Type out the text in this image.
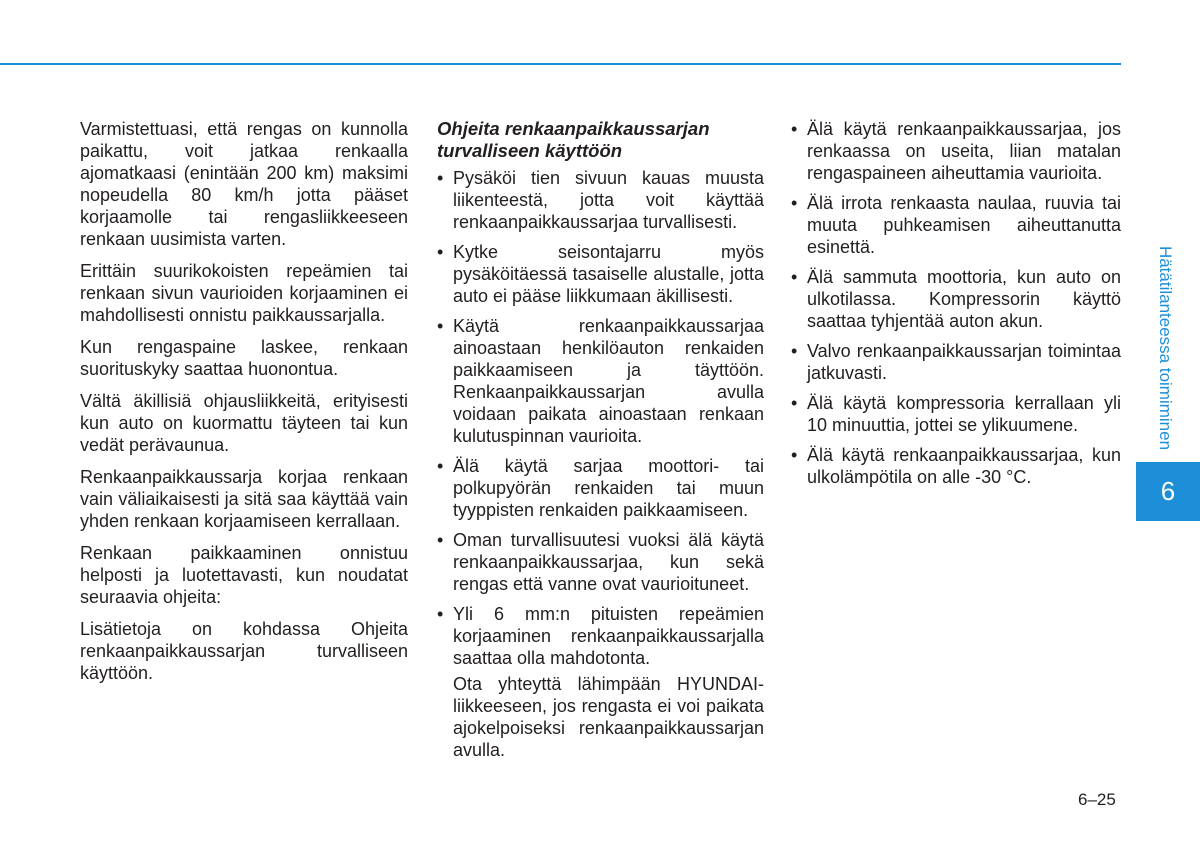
Varmistettuasi, että rengas on kunnolla paikattu, voit jatkaa renkaalla ajomatkaasi (enintään 200 km) maksimi nopeudella 80 km/h jotta pääset korjaamolle tai rengasliikkeeseen renkaan uusimista varten.

Erittäin suurikokoisten repeämien tai renkaan sivun vaurioiden korjaaminen ei mahdollisesti onnistu paikkaussarjalla.

Kun rengaspaine laskee, renkaan suorituskyky saattaa huonontua.

Vältä äkillisiä ohjausliikkeitä, erityisesti kun auto on kuormattu täyteen tai kun vedät perävaunua.

Renkaanpaikkaussarja korjaa renkaan vain väliaikaisesti ja sitä saa käyttää vain yhden renkaan korjaamiseen kerrallaan.

Renkaan paikkaaminen onnistuu helposti ja luotettavasti, kun noudatat seuraavia ohjeita:

Lisätietoja on kohdassa Ohjeita renkaanpaikkaussarjan turvalliseen käyttöön.

Ohjeita renkaanpaikkaussarjan turvalliseen käyttöön

• Pysäköi tien sivuun kauas muusta liikenteestä, jotta voit käyttää renkaanpaikkaussarjaa turvallisesti.
• Kytke seisontajarru myös pysäköitäessä tasaiselle alustalle, jotta auto ei pääse liikkumaan äkillisesti.
• Käytä renkaanpaikkaussarjaa ainoastaan henkilöauton renkaiden paikkaamiseen ja täyttöön. Renkaanpaikkaussarjan avulla voidaan paikata ainoastaan renkaan kulutuspinnan vaurioita.
• Älä käytä sarjaa moottori- tai polkupyörän renkaiden tai muun tyyppisten renkaiden paikkaamiseen.
• Oman turvallisuutesi vuoksi älä käytä renkaanpaikkaussarjaa, kun sekä rengas että vanne ovat vaurioituneet.
• Yli 6 mm:n pituisten repeämien korjaaminen renkaanpaikkaussarjalla saattaa olla mahdotonta.

Ota yhteyttä lähimpään HYUNDAI-liikkeeseen, jos rengasta ei voi paikata ajokelpoiseksi renkaanpaikkaussarjan avulla.

• Älä käytä renkaanpaikkaussarjaa, jos renkaassa on useita, liian matalan rengaspaineen aiheuttamia vaurioita.
• Älä irrota renkaasta naulaa, ruuvia tai muuta puhkeamisen aiheuttanutta esinettä.
• Älä sammuta moottoria, kun auto on ulkotilassa. Kompressorin käyttö saattaa tyhjentää auton akun.
• Valvo renkaanpaikkaussarjan toimintaa jatkuvasti.
• Älä käytä kompressoria kerrallaan yli 10 minuuttia, jottei se ylikuumene.
• Älä käytä renkaanpaikkaussarjaa, kun ulkolämpötila on alle -30 °C.
Hätätilanteessa toimiminen
6
6–25
